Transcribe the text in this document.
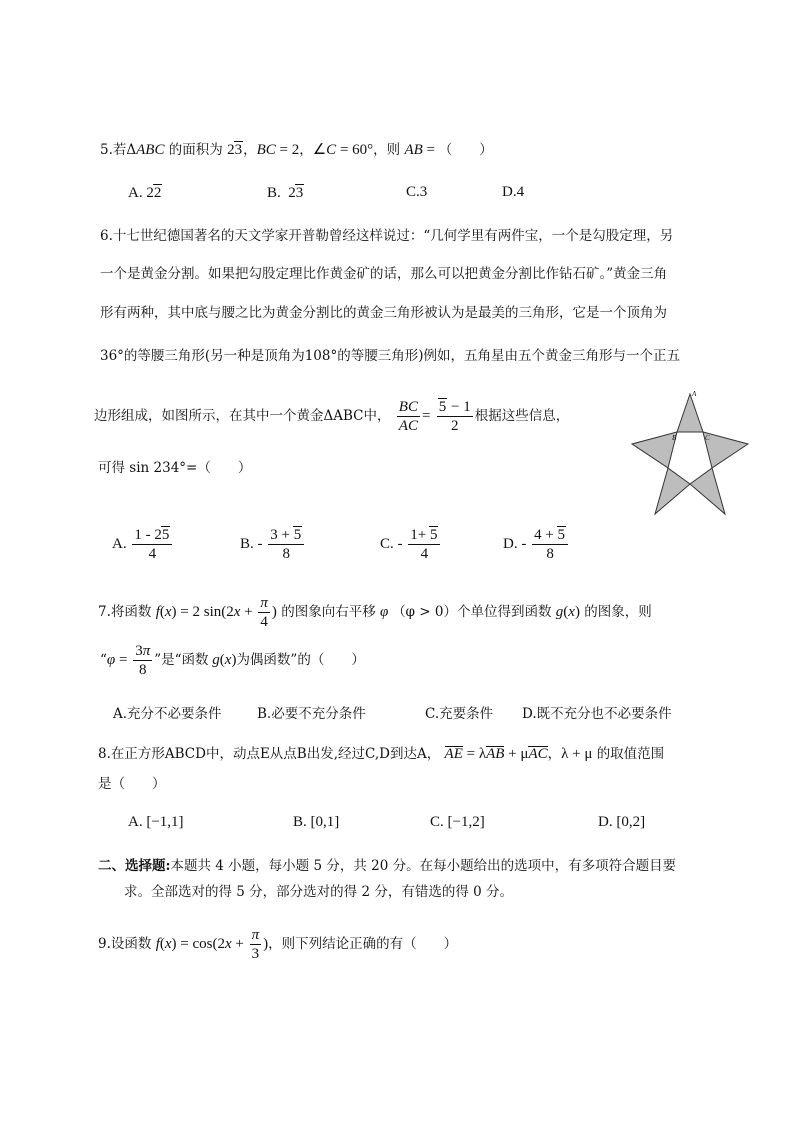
5.若ΔABC 的面积为 23，BC = 2，∠C = 60°，则 AB = （　　）
A. 22	B.  23	C.3	D.4
6.十七世纪德国著名的天文学家开普勒曾经这样说过：“几何学里有两件宝，一个是勾股定理，另
一个是黄金分割。如果把勾股定理比作黄金矿的话，那么可以把黄金分割比作钻石矿。”黄金三角
形有两种，其中底与腰之比为黄金分割比的黄金三角形被认为是最美的三角形，它是一个顶角为
36°的等腰三角形(另一种是顶角为108°的等腰三角形)例如，五角星由五个黄金三角形与一个正五
边形组成，如图所示，在其中一个黄金ΔABC中， $\frac{BC}{AC} = \frac{5 - 1}{2}$ 根据这些信息，
可得 sin 234°=（　　）
A
B	C
A. $\frac{1 - 25}{4}$	B. - $\frac{3 + 5}{8}$	C. - $\frac{1+ 5}{4}$	D. - $\frac{4 + 5}{8}$
7.将函数 f(x) = 2 $\sin(2x + \frac{\pi}{4}$ ) 的图象向右平移 φ （φ > 0）个单位得到函数 g(x) 的图象，则
“$\varphi = \frac{3\pi}{8}$ ”是“函数 g(x)为偶函数”的（　　）
A.充分不必要条件	B.必要不充分条件	C.充要条件 D.既不充分也不必要条件
8.在正方形ABCD中，动点E从点B出发,经过C,D到达A， AE = λAB + μAC，λ + μ 的取值范围
是（　　）
A. [−1,1]	B. [0,1]	C. [−1,2]	D. [0,2]
二、选择题:本题共 4 小题，每小题 5 分，共 20 分。在每小题给出的选项中，有多项符合题目要
求。全部选对的得 5 分，部分选对的得 2 分，有错选的得 0 分。
9.设函数 $f(x) = \cos(2x + \frac{\pi}{3}$ )，则下列结论正确的有（　　）
